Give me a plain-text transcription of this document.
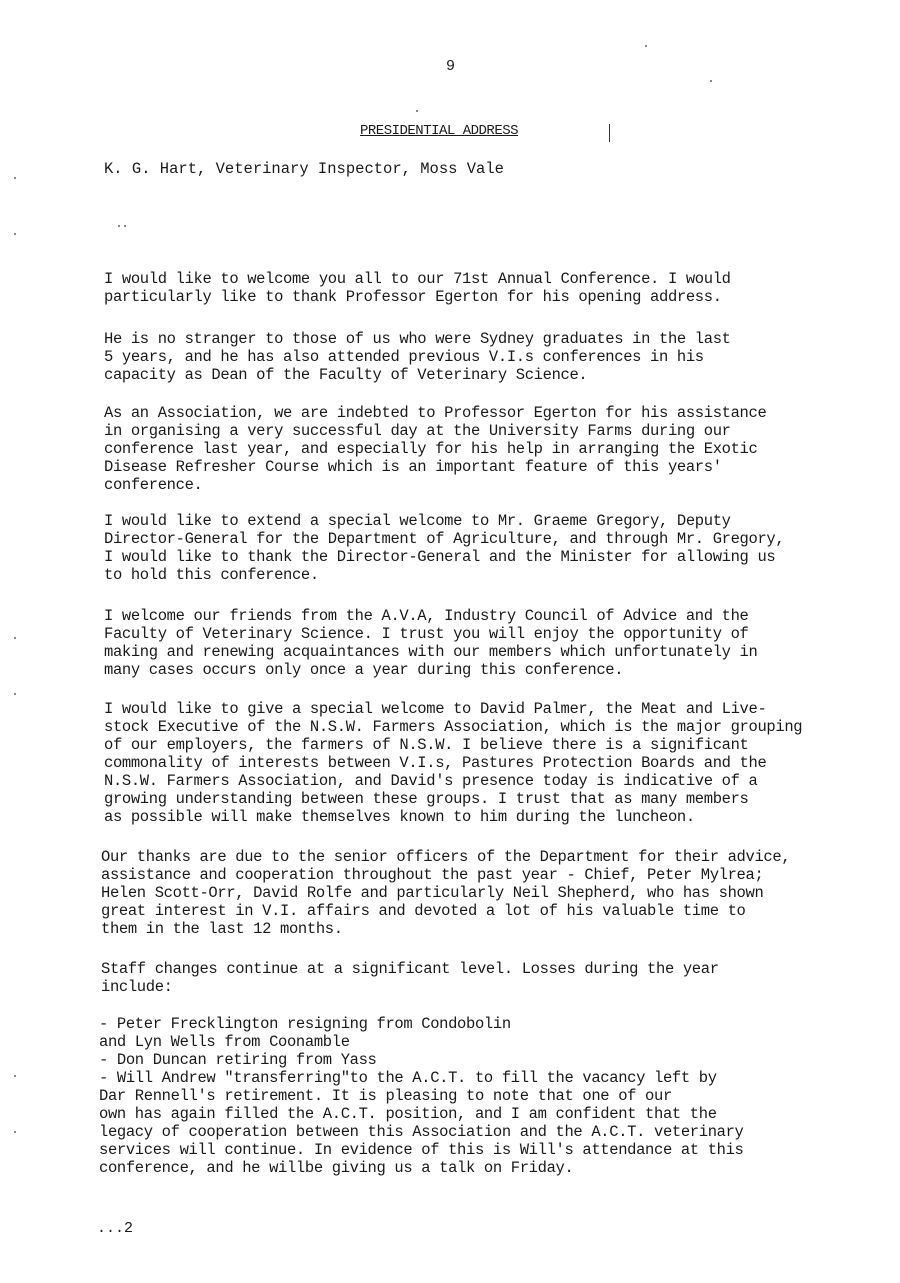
9
PRESIDENTIAL ADDRESS
K. G. Hart, Veterinary Inspector, Moss Vale
I would like to welcome you all to our 71st Annual Conference. I would
particularly like to thank Professor Egerton for his opening address.
He is no stranger to those of us who were Sydney graduates in the last
5 years, and he has also attended previous V.I.s conferences in his
capacity as Dean of the Faculty of Veterinary Science.
As an Association, we are indebted to Professor Egerton for his assistance
in organising a very successful day at the University Farms during our
conference last year, and especially for his help in arranging the Exotic
Disease Refresher Course which is an important feature of this years'
conference.
I would like to extend a special welcome to Mr. Graeme Gregory, Deputy
Director-General for the Department of Agriculture, and through Mr. Gregory,
I would like to thank the Director-General and the Minister for allowing us
to hold this conference.
I welcome our friends from the A.V.A, Industry Council of Advice and the
Faculty of Veterinary Science. I trust you will enjoy the opportunity of
making and renewing acquaintances with our members which unfortunately in
many cases occurs only once a year during this conference.
I would like to give a special welcome to David Palmer, the Meat and Live-
stock Executive of the N.S.W. Farmers Association, which is the major grouping
of our employers, the farmers of N.S.W. I believe there is a significant
commonality of interests between V.I.s, Pastures Protection Boards and the
N.S.W. Farmers Association, and David's presence today is indicative of a
growing understanding between these groups. I trust that as many members
as possible will make themselves known to him during the luncheon.
Our thanks are due to the senior officers of the Department for their advice,
assistance and cooperation throughout the past year - Chief, Peter Mylrea;
Helen Scott-Orr, David Rolfe and particularly Neil Shepherd, who has shown
great interest in V.I. affairs and devoted a lot of his valuable time to
them in the last 12 months.
Staff changes continue at a significant level. Losses during the year
include:
- Peter Frecklington resigning from Condobolin
and Lyn Wells from Coonamble
- Don Duncan retiring from Yass
- Will Andrew "transferring"to the A.C.T. to fill the vacancy left by
Dar Rennell's retirement. It is pleasing to note that one of our
own has again filled the A.C.T. position, and I am confident that the
legacy of cooperation between this Association and the A.C.T. veterinary
services will continue. In evidence of this is Will's attendance at this
conference, and he willbe giving us a talk on Friday.
...2
